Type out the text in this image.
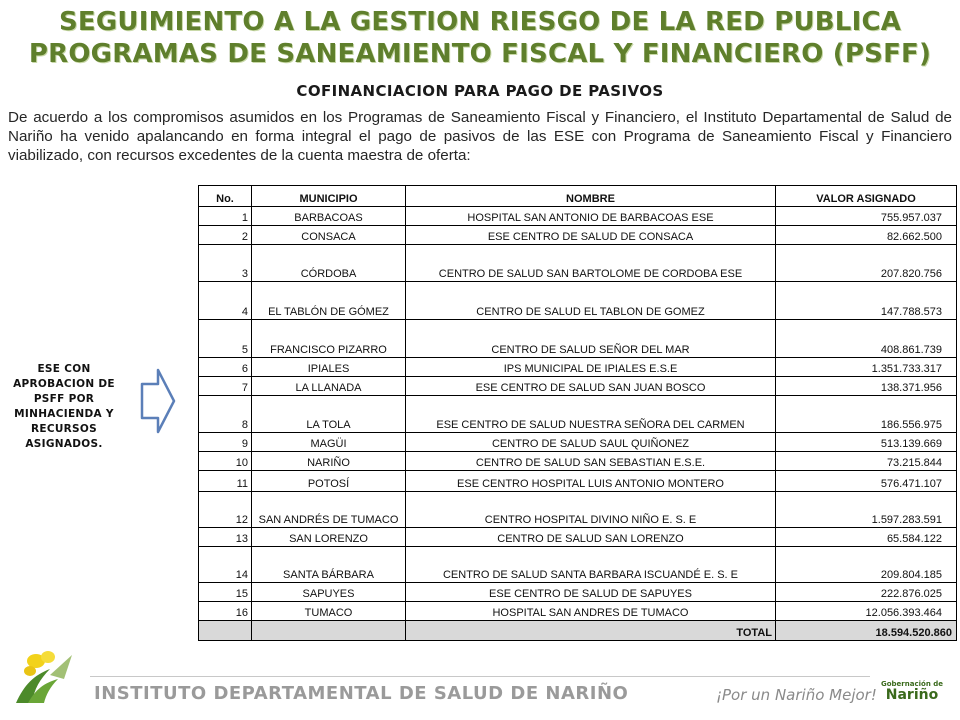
SEGUIMIENTO A LA GESTION RIESGO DE LA RED PUBLICA
PROGRAMAS DE SANEAMIENTO FISCAL Y FINANCIERO (PSFF)
COFINANCIACION PARA PAGO DE PASIVOS
De acuerdo a los compromisos asumidos en los Programas de Saneamiento Fiscal y Financiero, el Instituto Departamental de Salud de Nariño ha venido apalancando en forma integral el pago de pasivos de las ESE con Programa de Saneamiento Fiscal y Financiero viabilizado, con recursos excedentes de la cuenta maestra de oferta:
ESE CON APROBACION DE PSFF POR MINHACIENDA Y RECURSOS ASIGNADOS.
No.	MUNICIPIO	NOMBRE	VALOR ASIGNADO
1	BARBACOAS	HOSPITAL SAN ANTONIO DE BARBACOAS ESE	755.957.037
2	CONSACA	ESE CENTRO DE SALUD DE CONSACA	82.662.500
3	CÓRDOBA	CENTRO DE SALUD SAN BARTOLOME DE CORDOBA ESE	207.820.756
4	EL TABLÓN DE GÓMEZ	CENTRO DE SALUD EL TABLON DE GOMEZ	147.788.573
5	FRANCISCO PIZARRO	CENTRO DE SALUD SEÑOR DEL MAR	408.861.739
6	IPIALES	IPS MUNICIPAL DE IPIALES E.S.E	1.351.733.317
7	LA LLANADA	ESE CENTRO DE SALUD SAN JUAN BOSCO	138.371.956
8	LA TOLA	ESE CENTRO DE SALUD NUESTRA SEÑORA DEL CARMEN	186.556.975
9	MAGÜI	CENTRO DE SALUD SAUL QUIÑONEZ	513.139.669
10	NARIÑO	CENTRO DE SALUD SAN SEBASTIAN E.S.E.	73.215.844
11	POTOSÍ	ESE CENTRO HOSPITAL LUIS ANTONIO MONTERO	576.471.107
12	SAN ANDRÉS DE TUMACO	CENTRO HOSPITAL DIVINO NIÑO E. S. E	1.597.283.591
13	SAN LORENZO	CENTRO DE SALUD SAN LORENZO	65.584.122
14	SANTA BÁRBARA	CENTRO DE SALUD SANTA BARBARA ISCUANDÉ E. S. E	209.804.185
15	SAPUYES	ESE CENTRO DE SALUD DE SAPUYES	222.876.025
16	TUMACO	HOSPITAL SAN ANDRES DE TUMACO	12.056.393.464
		TOTAL	18.594.520.860
INSTITUTO DEPARTAMENTAL DE SALUD DE NARIÑO	¡Por un Nariño Mejor!
Gobernación de
Nariño
